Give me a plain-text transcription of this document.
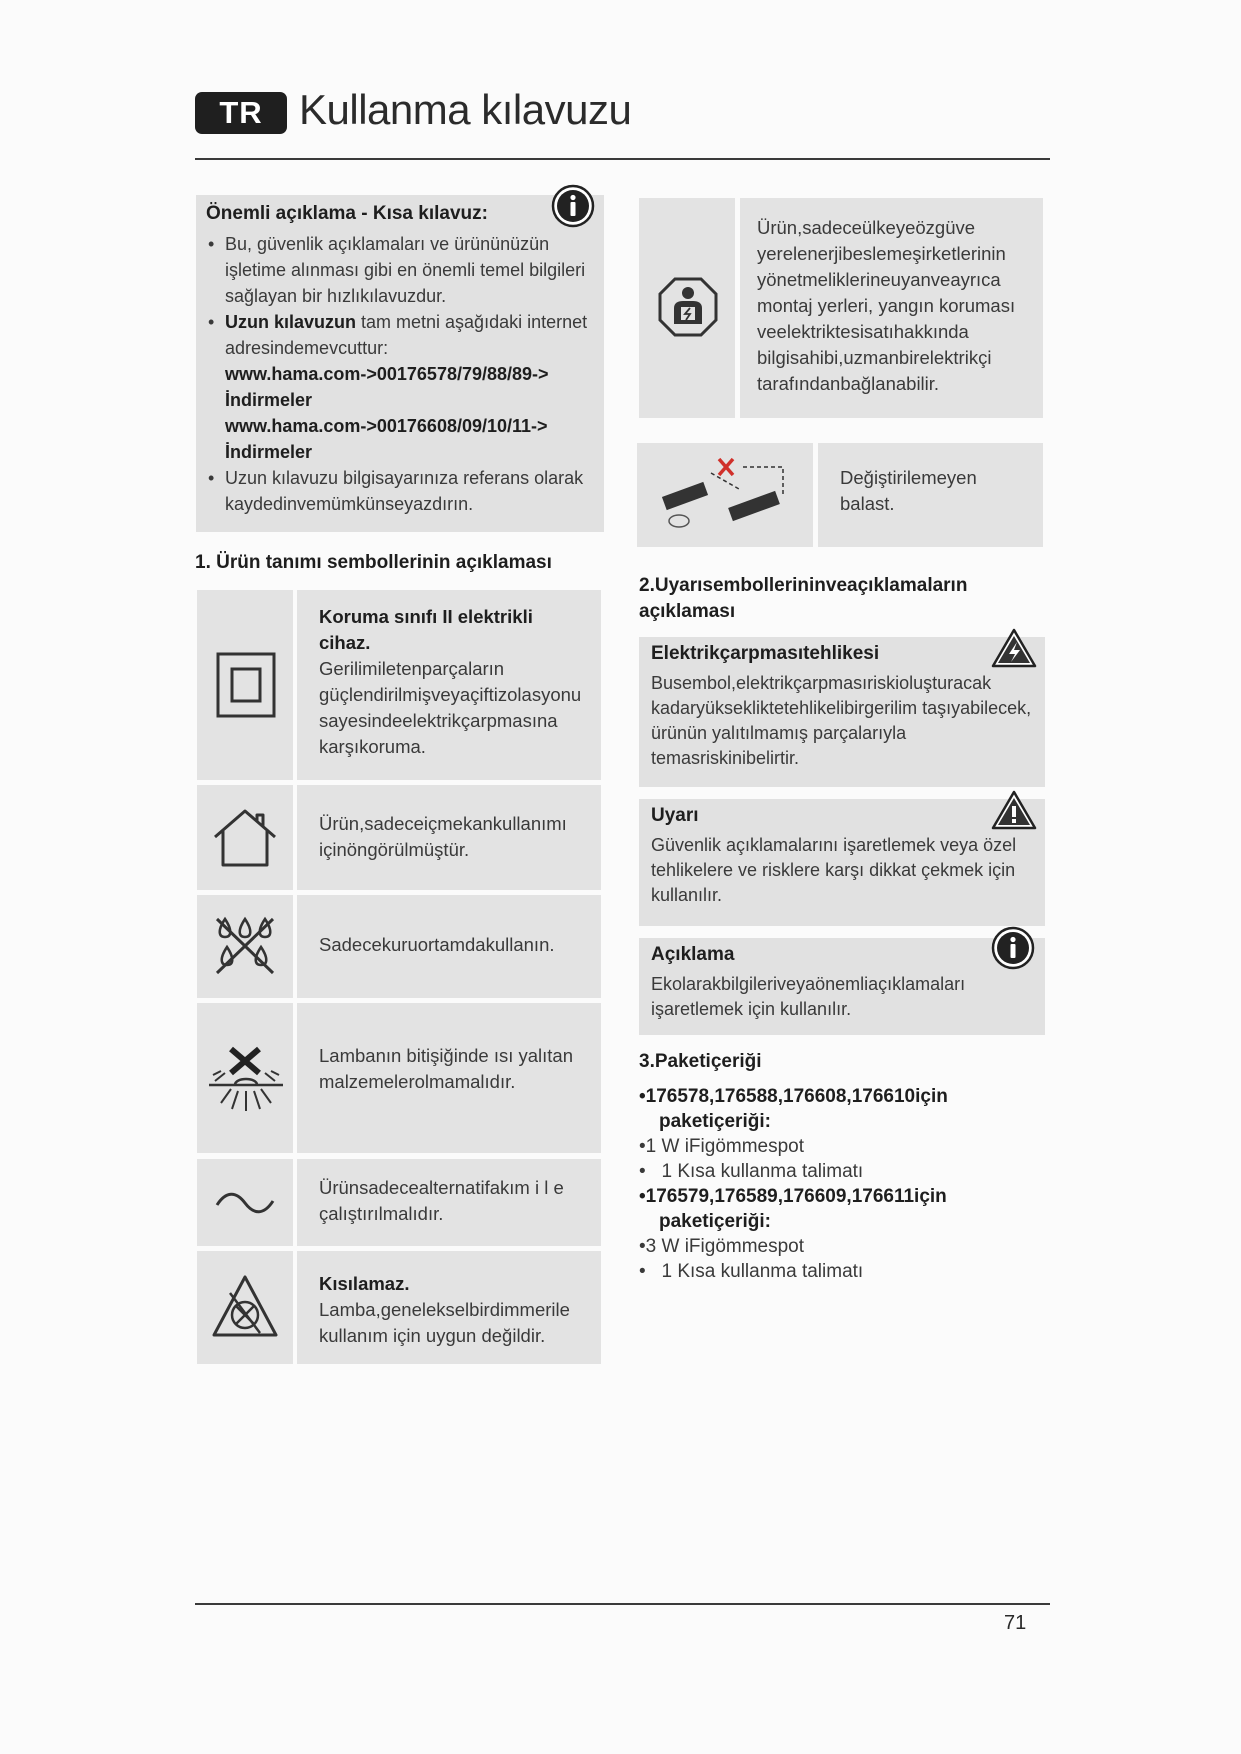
TR Kullanma kılavuzu
Önemli açıklama - Kısa kılavuz:
• Bu, güvenlik açıklamaları ve ürününüzün işletime alınması gibi en önemli temel bilgileri sağlayan bir hızlıkılavuzdur.
• Uzun kılavuzun tam metni aşağıdaki internet adresindemevcuttur:
www.hama.com->00176578/79/88/89->
İndirmeler
www.hama.com->00176608/09/10/11->
İndirmeler
• Uzun kılavuzu bilgisayarınıza referans olarak kaydedinvemümkünseyazdırın.
1. Ürün tanımı sembollerinin açıklaması
Koruma sınıfı II elektrikli cihaz.
Gerilimiletenparçaların güçlendirilmişveyaçiftizolasyonu sayesindeelektrikçarpmasına karşıkoruma.
Ürün,sadeceiçmekankullanımı içinöngörülmüştür.
Sadecekuruortamdakullanın.
Lambanın bitişiğinde ısı yalıtan malzemelerolmamalıdır.
Ürünsadecealternatifakım i l e çalıştırılmalıdır.
Kısılamaz.
Lamba,genelekselbirdimmerile kullanım için uygun değildir.
Ürün,sadeceülkeyeözgüve yerelenerjibeslemeşirketlerinin yönetmeliklerineuyanveayrıca montaj yerleri, yangın koruması veelektriktesisatıhakkında bilgisahibi,uzmanbirelektrikçi tarafındanbağlanabilir.
Değiştirilemeyen balast.
2.Uyarısembollerininveaçıklamaların açıklaması
Elektrikçarpmasıtehlikesi
Busembol,elektrikçarpmasıriskioluşturacak kadaryüksekliktetehlikelibirgerilim taşıyabilecek, ürünün yalıtılmamış parçalarıyla temasriskinibelirtir.
Uyarı
Güvenlik açıklamalarını işaretlemek veya özel tehlikelere ve risklere karşı dikkat çekmek için kullanılır.
Açıklama
Ekolarakbilgileriveyaönemliaçıklamaları işaretlemek için kullanılır.
3.Paketiçeriği
•176578,176588,176608,176610için
paketiçeriği:
•1 W iFigömmespot
•   1 Kısa kullanma talimatı
•176579,176589,176609,176611için
paketiçeriği:
•3 W iFigömmespot
•   1 Kısa kullanma talimatı
71
